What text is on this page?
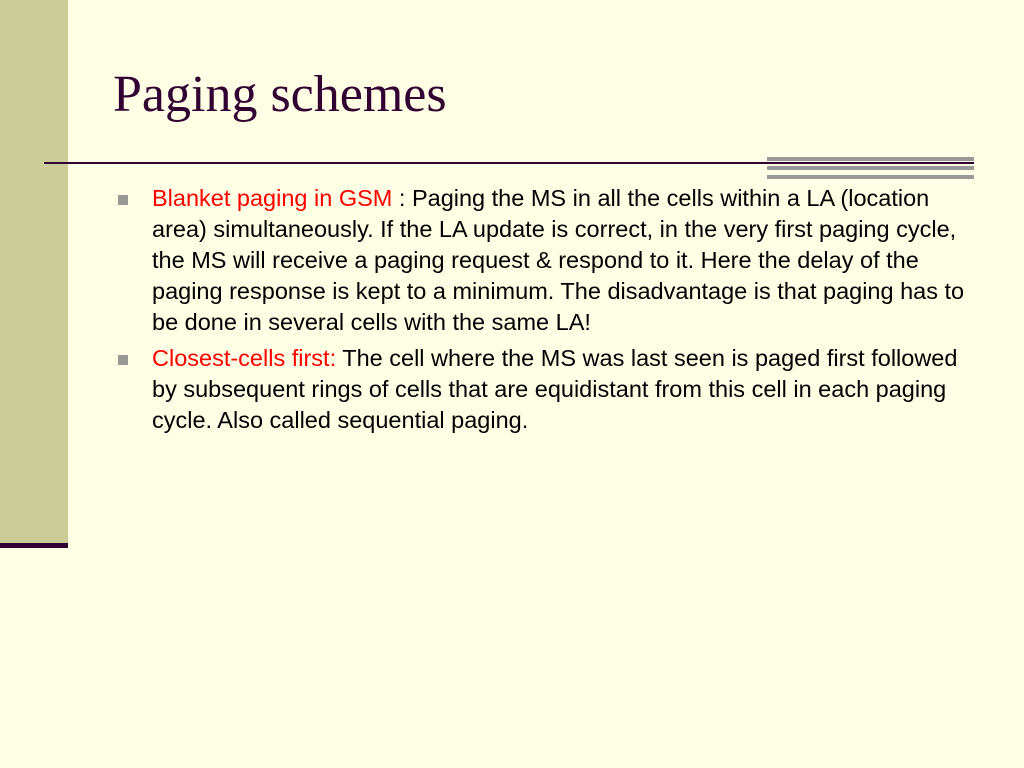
Paging schemes
Blanket paging in GSM : Paging the MS in all the cells within a LA (location area) simultaneously. If the LA update is correct, in the very first paging cycle, the MS will receive a paging request & respond to it. Here the delay of the paging response is kept to a minimum. The disadvantage is that paging has to be done in several cells with the same LA!
Closest-cells first: The cell where the MS was last seen is paged first followed by subsequent rings of cells that are equidistant from this cell in each paging cycle. Also called sequential paging.
